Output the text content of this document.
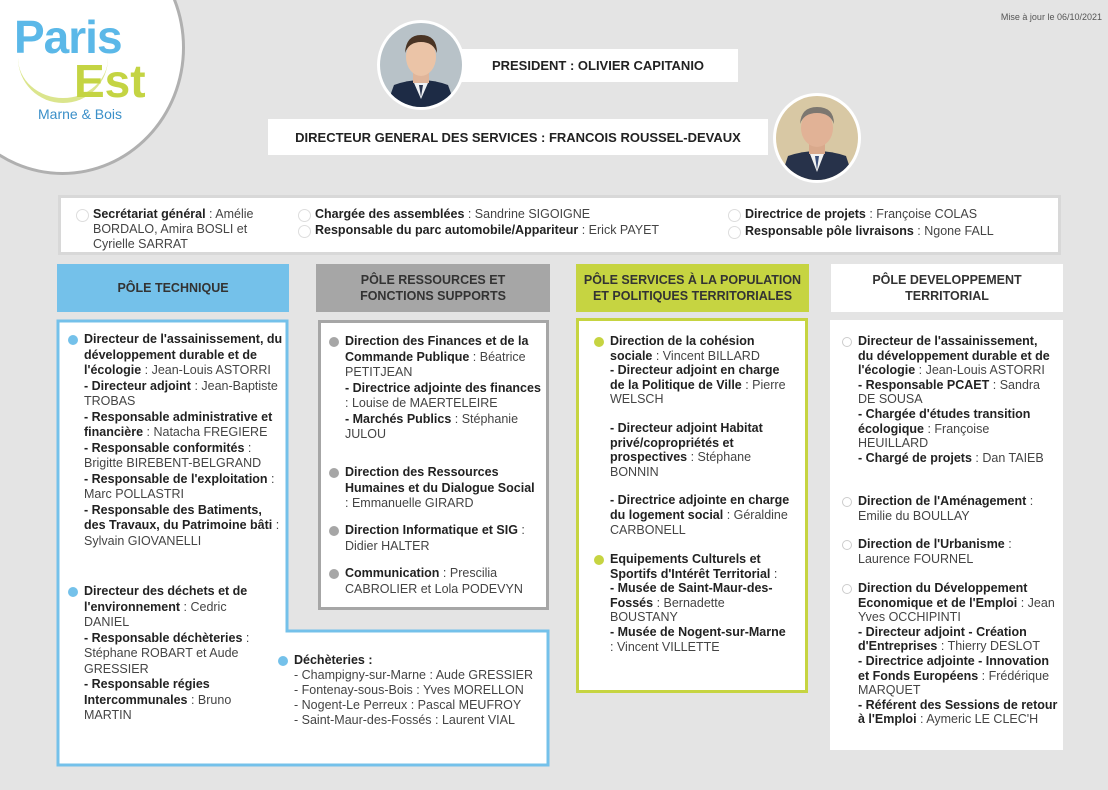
Paris
Est
Marne & Bois
Mise à jour le 06/10/2021
PRESIDENT : OLIVIER CAPITANIO
DIRECTEUR GENERAL DES SERVICES : FRANCOIS ROUSSEL-DEVAUX
Secrétariat général : Amélie BORDALO, Amira BOSLI et Cyrielle SARRAT
Chargée des assemblées : Sandrine SIGOIGNE
Responsable du parc automobile/Appariteur : Erick PAYET
Directrice de projets : Françoise COLAS
Responsable pôle livraisons : Ngone FALL
PÔLE TECHNIQUE
PÔLE RESSOURCES ET FONCTIONS SUPPORTS
PÔLE SERVICES À LA POPULATION ET POLITIQUES TERRITORIALES
PÔLE DEVELOPPEMENT TERRITORIAL
Directeur de l'assainissement, du développement durable et de l'écologie : Jean-Louis ASTORRI
- Directeur adjoint : Jean-Baptiste TROBAS
- Responsable administrative et financière : Natacha FREGIERE
- Responsable conformités : Brigitte BIREBENT-BELGRAND
- Responsable de l'exploitation : Marc POLLASTRI
- Responsable des Batiments, des Travaux, du Patrimoine bâti : Sylvain GIOVANELLI
Directeur des déchets et de l'environnement : Cedric DANIEL
- Responsable déchèteries : Stéphane ROBART et Aude GRESSIER
- Responsable régies Intercommunales : Bruno MARTIN
Déchèteries :
- Champigny-sur-Marne : Aude GRESSIER
- Fontenay-sous-Bois : Yves MORELLON
- Nogent-Le Perreux : Pascal MEUFROY
- Saint-Maur-des-Fossés : Laurent VIAL
Direction des Finances et de la Commande Publique : Béatrice PETITJEAN
- Directrice adjointe des finances : Louise de MAERTELEIRE
- Marchés Publics : Stéphanie JULOU
Direction des Ressources Humaines et du Dialogue Social : Emmanuelle GIRARD
Direction Informatique et SIG : Didier HALTER
Communication : Prescilia CABROLIER et Lola PODEVYN
Direction de la cohésion sociale : Vincent BILLARD
- Directeur adjoint en charge de la Politique de Ville : Pierre WELSCH
- Directeur adjoint Habitat privé/copropriétés et prospectives : Stéphane BONNIN
- Directrice adjointe en charge du logement social : Géraldine CARBONELL
Equipements Culturels et Sportifs d'Intérêt Territorial :
- Musée de Saint-Maur-des-Fossés : Bernadette BOUSTANY
- Musée de Nogent-sur-Marne : Vincent VILLETTE
Directeur de l'assainissement, du développement durable et de l'écologie : Jean-Louis ASTORRI
- Responsable PCAET : Sandra DE SOUSA
- Chargée d'études transition écologique : Françoise HEUILLARD
- Chargé de projets : Dan TAIEB
Direction de l'Aménagement : Emilie du BOULLAY
Direction de l'Urbanisme : Laurence FOURNEL
Direction du Développement Economique et de l'Emploi : Jean Yves OCCHIPINTI
- Directeur adjoint - Création d'Entreprises : Thierry DESLOT
- Directrice adjointe - Innovation et Fonds Européens : Frédérique MARQUET
- Référent des Sessions de retour à l'Emploi : Aymeric LE CLEC'H
